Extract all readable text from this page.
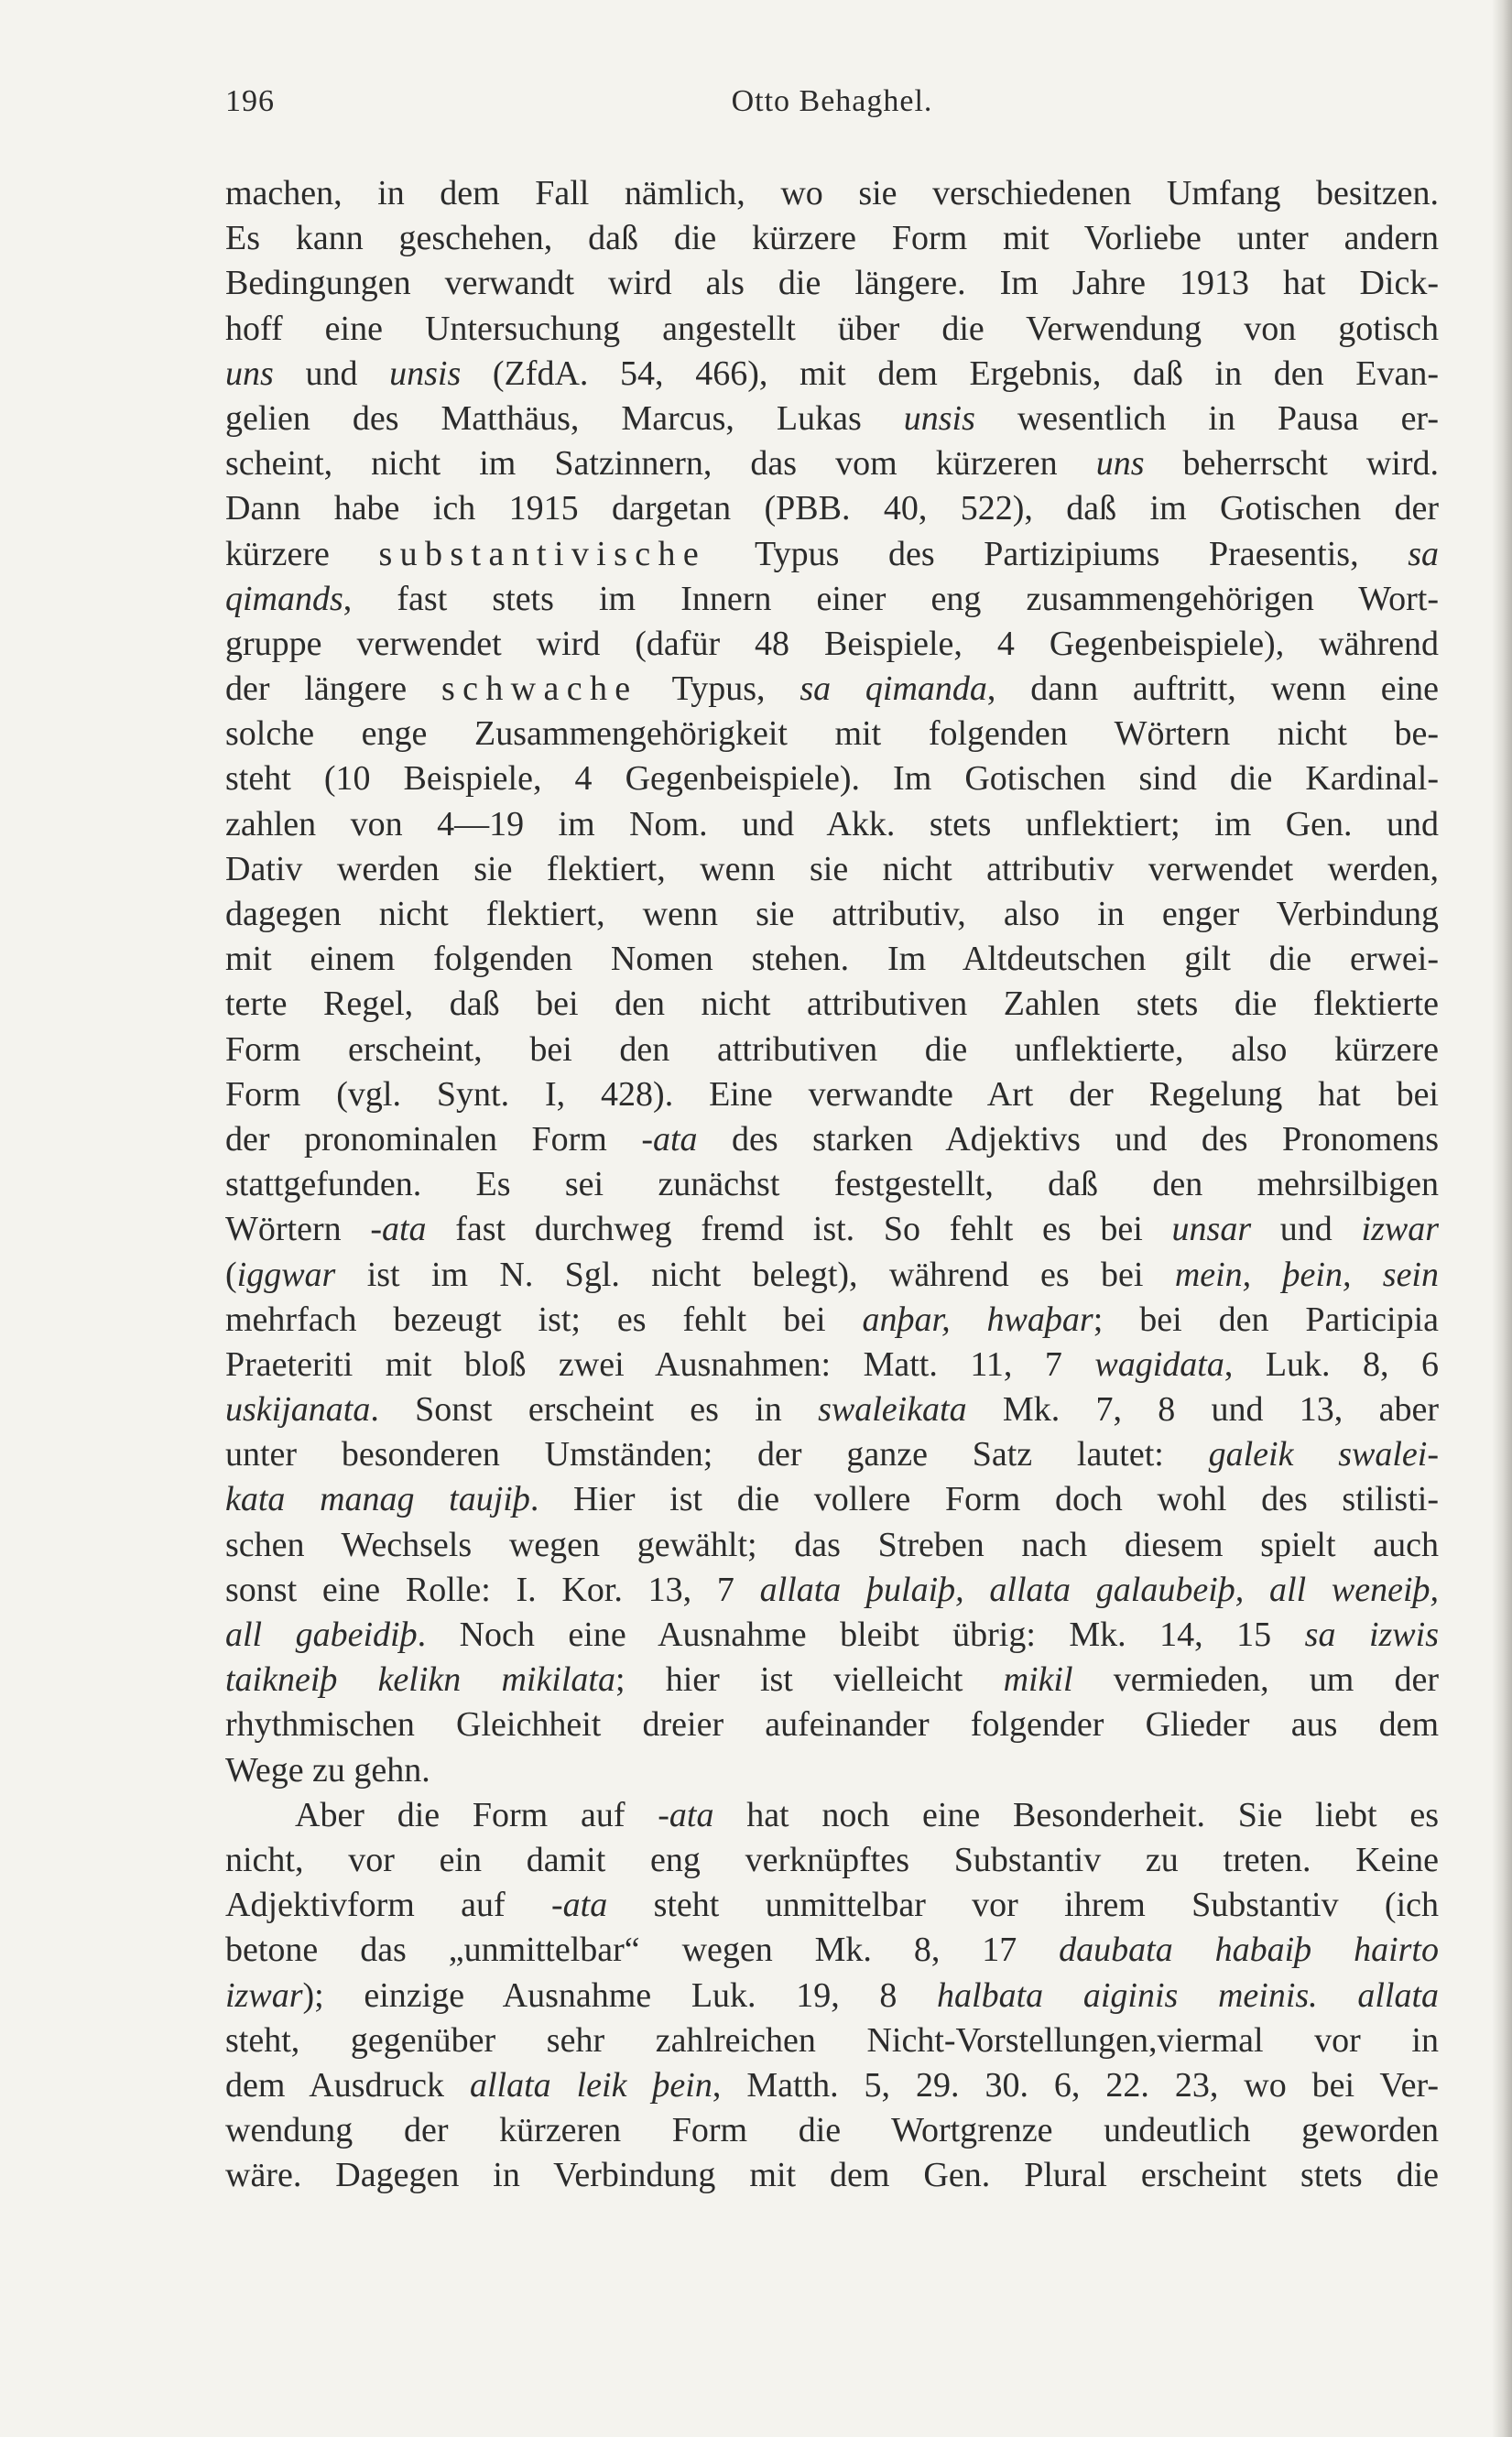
196	Otto Behaghel.
machen, in dem Fall nämlich, wo sie verschiedenen Umfang besitzen.
Es kann geschehen, daß die kürzere Form mit Vorliebe unter andern
Bedingungen verwandt wird als die längere. Im Jahre 1913 hat Dick-
hoff eine Untersuchung angestellt über die Verwendung von gotisch
uns und unsis (ZfdA. 54, 466), mit dem Ergebnis, daß in den Evan-
gelien des Matthäus, Marcus, Lukas unsis wesentlich in Pausa er-
scheint, nicht im Satzinnern, das vom kürzeren uns beherrscht wird.
Dann habe ich 1915 dargetan (PBB. 40, 522), daß im Gotischen der
kürzere substantivische Typus des Partizipiums Praesentis, sa
qimands, fast stets im Innern einer eng zusammengehörigen Wort-
gruppe verwendet wird (dafür 48 Beispiele, 4 Gegenbeispiele), während
der längere schwache Typus, sa qimanda, dann auftritt, wenn eine
solche enge Zusammengehörigkeit mit folgenden Wörtern nicht be-
steht (10 Beispiele, 4 Gegenbeispiele). Im Gotischen sind die Kardinal-
zahlen von 4—19 im Nom. und Akk. stets unflektiert; im Gen. und
Dativ werden sie flektiert, wenn sie nicht attributiv verwendet werden,
dagegen nicht flektiert, wenn sie attributiv, also in enger Verbindung
mit einem folgenden Nomen stehen. Im Altdeutschen gilt die erwei-
terte Regel, daß bei den nicht attributiven Zahlen stets die flektierte
Form erscheint, bei den attributiven die unflektierte, also kürzere
Form (vgl. Synt. I, 428). Eine verwandte Art der Regelung hat bei
der pronominalen Form -ata des starken Adjektivs und des Pronomens
stattgefunden. Es sei zunächst festgestellt, daß den mehrsilbigen
Wörtern -ata fast durchweg fremd ist. So fehlt es bei unsar und izwar
(iggwar ist im N. Sgl. nicht belegt), während es bei mein, þein, sein
mehrfach bezeugt ist; es fehlt bei anþar, hwaþar; bei den Participia
Praeteriti mit bloß zwei Ausnahmen: Matt. 11, 7 wagidata, Luk. 8, 6
uskijanata. Sonst erscheint es in swaleikata Mk. 7, 8 und 13, aber
unter besonderen Umständen; der ganze Satz lautet: galeik swalei-
kata manag taujiþ. Hier ist die vollere Form doch wohl des stilisti-
schen Wechsels wegen gewählt; das Streben nach diesem spielt auch
sonst eine Rolle: I. Kor. 13, 7 allata þulaiþ, allata galaubeiþ, all weneiþ,
all gabeidiþ. Noch eine Ausnahme bleibt übrig: Mk. 14, 15 sa izwis
taikneiþ kelikn mikilata; hier ist vielleicht mikil vermieden, um der
rhythmischen Gleichheit dreier aufeinander folgender Glieder aus dem
Wege zu gehn.
Aber die Form auf -ata hat noch eine Besonderheit. Sie liebt es
nicht, vor ein damit eng verknüpftes Substantiv zu treten. Keine
Adjektivform auf -ata steht unmittelbar vor ihrem Substantiv (ich
betone das „unmittelbar“ wegen Mk. 8, 17 daubata habaiþ hairto
izwar); einzige Ausnahme Luk. 19, 8 halbata aiginis meinis. allata
steht, gegenüber sehr zahlreichen Nicht-Vorstellungen,viermal vor in
dem Ausdruck allata leik þein, Matth. 5, 29. 30. 6, 22. 23, wo bei Ver-
wendung der kürzeren Form die Wortgrenze undeutlich geworden
wäre. Dagegen in Verbindung mit dem Gen. Plural erscheint stets die
